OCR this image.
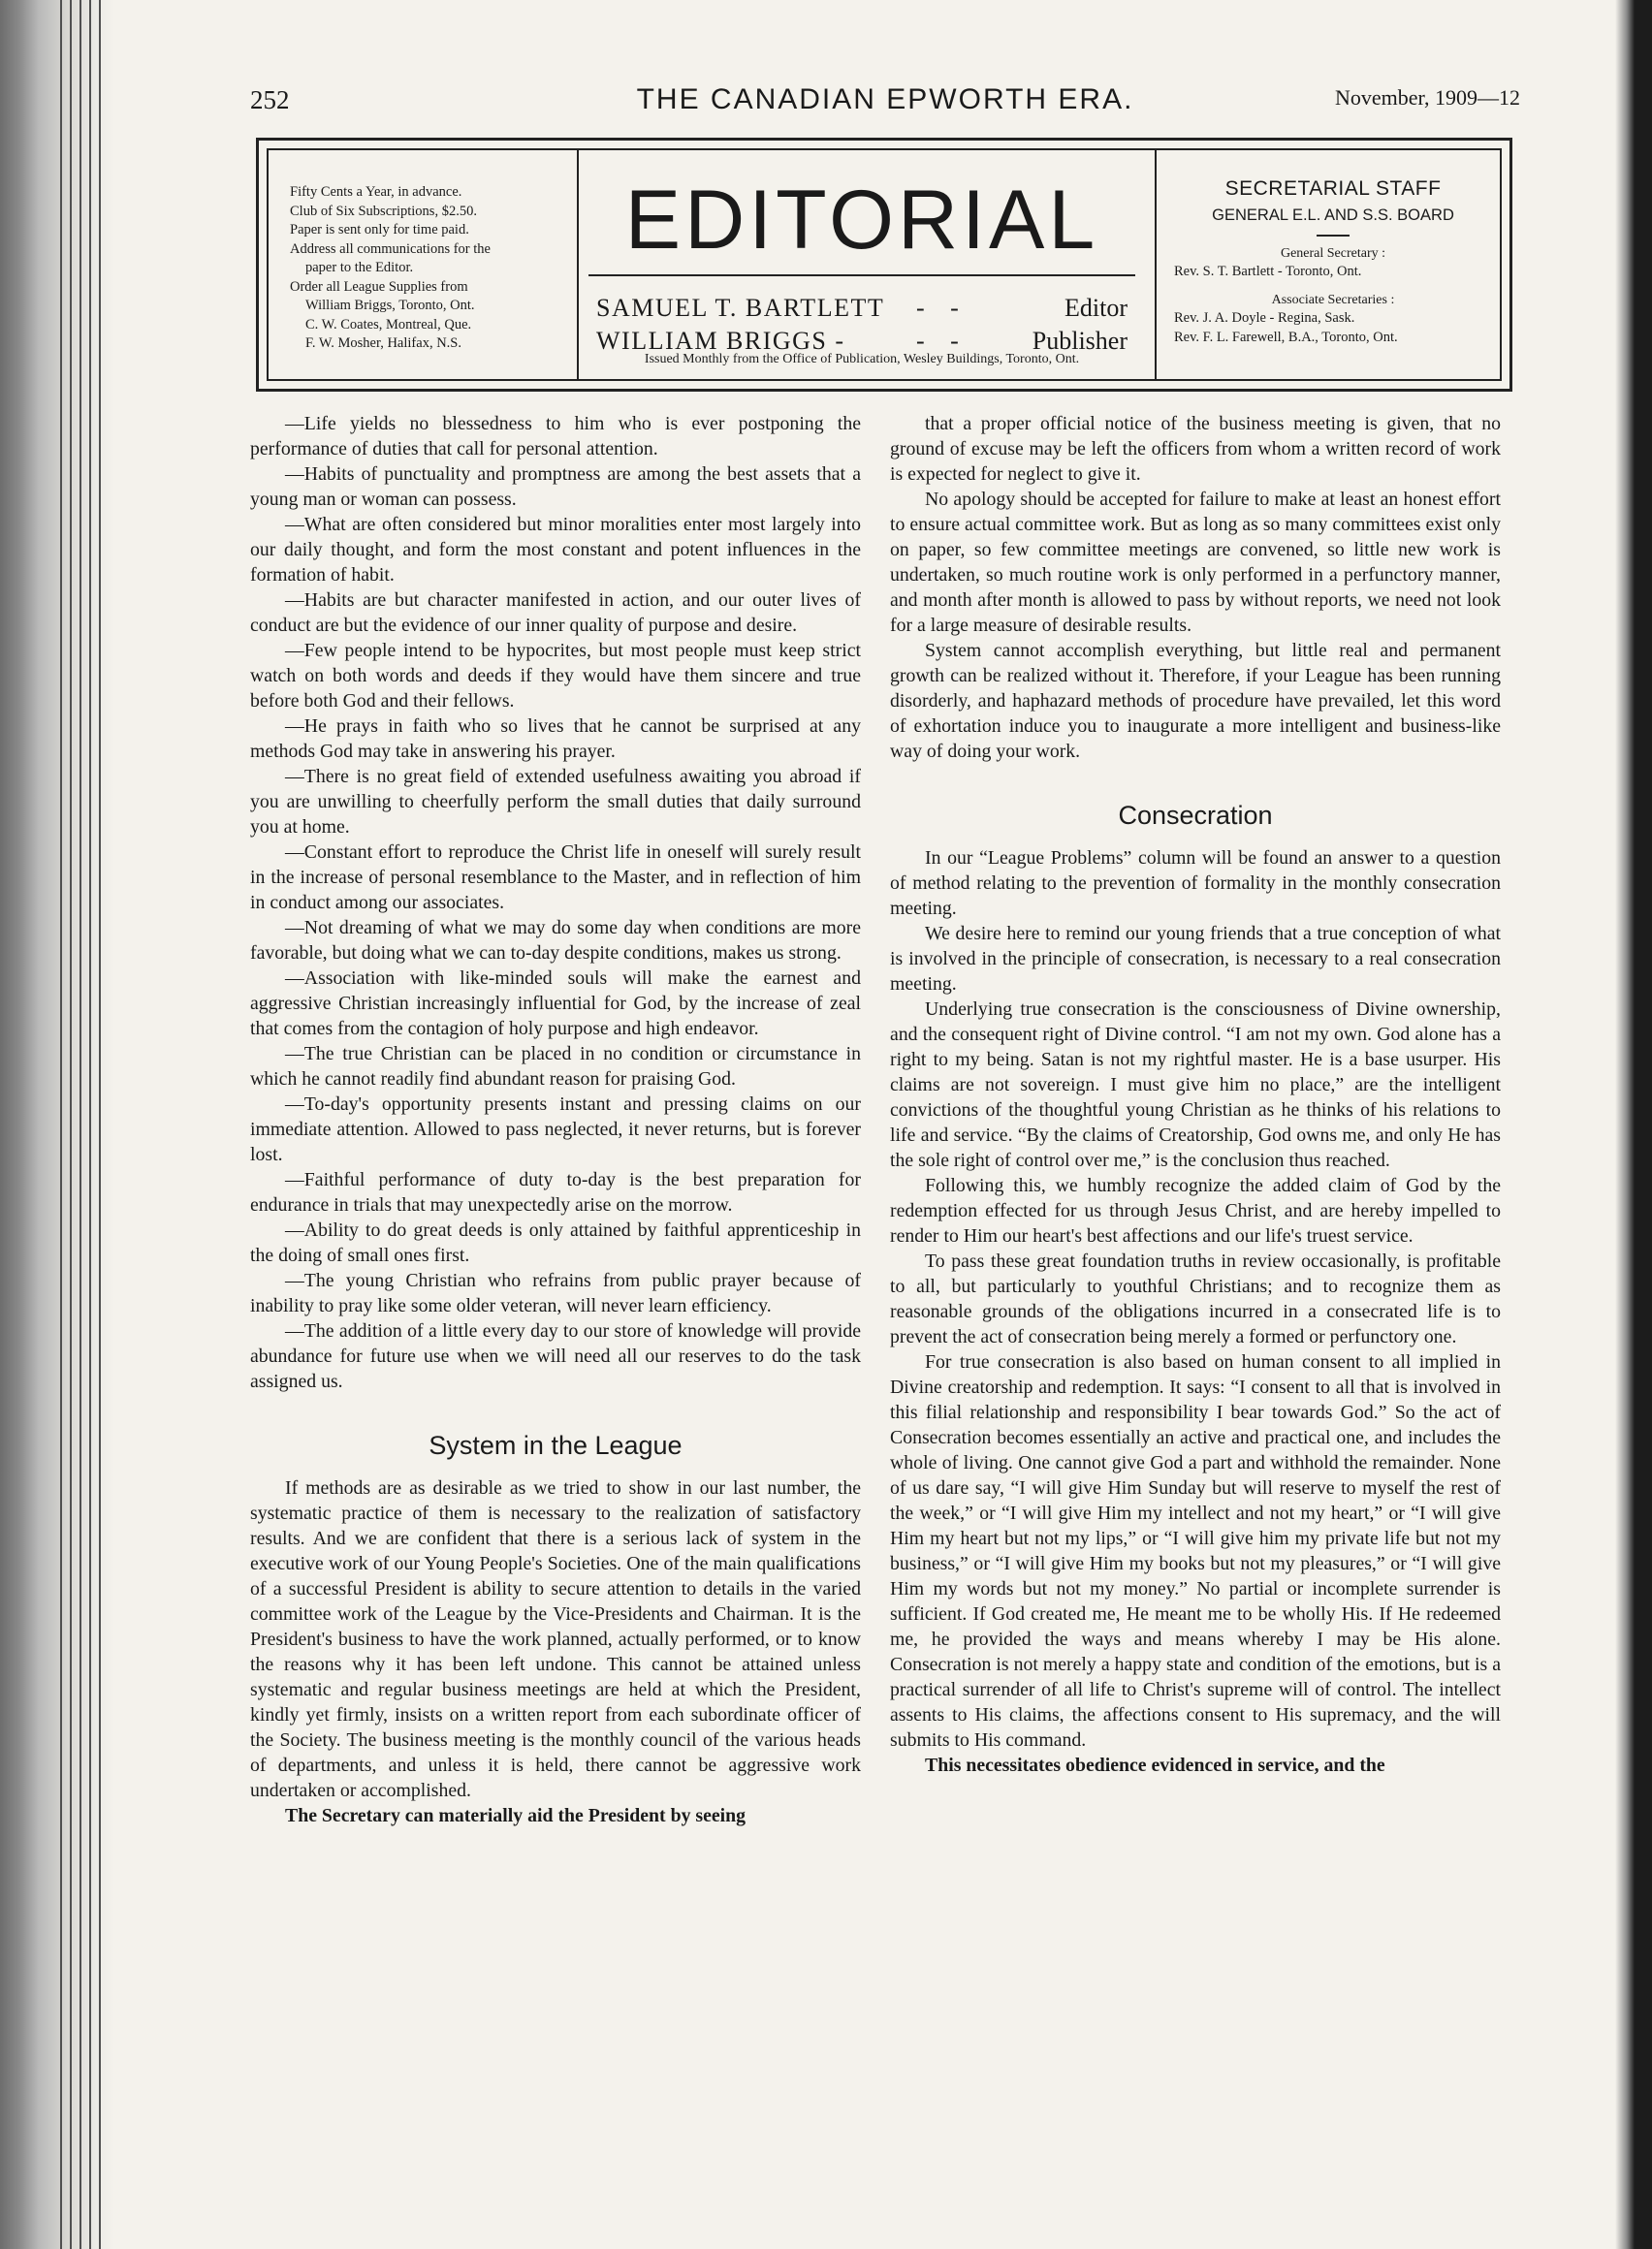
252	THE CANADIAN EPWORTH ERA.	November, 1909—12
Fifty Cents a Year, in advance.
Club of Six Subscriptions, $2.50.
Paper is sent only for time paid.
Address all communications for the
paper to the Editor.
Order all League Supplies from
William Briggs, Toronto, Ont.
C. W. Coates, Montreal, Que.
F. W. Mosher, Halifax, N.S.
EDITORIAL
SAMUEL T. BARTLETT - -	Editor
WILLIAM BRIGGS -	- -	Publisher
Issued Monthly from the Office of Publication, Wesley Buildings, Toronto, Ont.
SECRETARIAL STAFF
GENERAL E.L. AND S.S. BOARD
General Secretary :
Rev. S. T. Bartlett - Toronto, Ont.
Associate Secretaries :
Rev. J. A. Doyle - Regina, Sask.
Rev. F. L. Farewell, B.A., Toronto, Ont.

—Life yields no blessedness to him who is ever postponing the performance of duties that call for personal attention.

—Habits of punctuality and promptness are among the best assets that a young man or woman can possess.

—What are often considered but minor moralities enter most largely into our daily thought, and form the most constant and potent influences in the formation of habit.

—Habits are but character manifested in action, and our outer lives of conduct are but the evidence of our inner quality of purpose and desire.

—Few people intend to be hypocrites, but most people must keep strict watch on both words and deeds if they would have them sincere and true before both God and their fellows.

—He prays in faith who so lives that he cannot be surprised at any methods God may take in answering his prayer.

—There is no great field of extended usefulness awaiting you abroad if you are unwilling to cheerfully perform the small duties that daily surround you at home.

—Constant effort to reproduce the Christ life in oneself will surely result in the increase of personal resemblance to the Master, and in reflection of him in conduct among our associates.

—Not dreaming of what we may do some day when conditions are more favorable, but doing what we can to-day despite conditions, makes us strong.

—Association with like-minded souls will make the earnest and aggressive Christian increasingly influential for God, by the increase of zeal that comes from the contagion of holy purpose and high endeavor.

—The true Christian can be placed in no condition or circumstance in which he cannot readily find abundant reason for praising God.

—To-day's opportunity presents instant and pressing claims on our immediate attention. Allowed to pass neglected, it never returns, but is forever lost.

—Faithful performance of duty to-day is the best preparation for endurance in trials that may unexpectedly arise on the morrow.

—Ability to do great deeds is only attained by faithful apprenticeship in the doing of small ones first.

—The young Christian who refrains from public prayer because of inability to pray like some older veteran, will never learn efficiency.

—The addition of a little every day to our store of knowledge will provide abundance for future use when we will need all our reserves to do the task assigned us.

System in the League

If methods are as desirable as we tried to show in our last number, the systematic practice of them is necessary to the realization of satisfactory results. And we are confident that there is a serious lack of system in the executive work of our Young People's Societies. One of the main qualifications of a successful President is ability to secure attention to details in the varied committee work of the League by the Vice-Presidents and Chairman. It is the President's business to have the work planned, actually performed, or to know the reasons why it has been left undone. This cannot be attained unless systematic and regular business meetings are held at which the President, kindly yet firmly, insists on a written report from each subordinate officer of the Society. The business meeting is the monthly council of the various heads of departments, and unless it is held, there cannot be aggressive work undertaken or accomplished.

The Secretary can materially aid the President by seeing

that a proper official notice of the business meeting is given, that no ground of excuse may be left the officers from whom a written record of work is expected for neglect to give it.

No apology should be accepted for failure to make at least an honest effort to ensure actual committee work. But as long as so many committees exist only on paper, so few committee meetings are convened, so little new work is undertaken, so much routine work is only performed in a perfunctory manner, and month after month is allowed to pass by without reports, we need not look for a large measure of desirable results.

System cannot accomplish everything, but little real and permanent growth can be realized without it. Therefore, if your League has been running disorderly, and haphazard methods of procedure have prevailed, let this word of exhortation induce you to inaugurate a more intelligent and business-like way of doing your work.

Consecration

In our “League Problems” column will be found an answer to a question of method relating to the prevention of formality in the monthly consecration meeting.

We desire here to remind our young friends that a true conception of what is involved in the principle of consecration, is necessary to a real consecration meeting.

Underlying true consecration is the consciousness of Divine ownership, and the consequent right of Divine control. “I am not my own. God alone has a right to my being. Satan is not my rightful master. He is a base usurper. His claims are not sovereign. I must give him no place,” are the intelligent convictions of the thoughtful young Christian as he thinks of his relations to life and service. “By the claims of Creatorship, God owns me, and only He has the sole right of control over me,” is the conclusion thus reached.

Following this, we humbly recognize the added claim of God by the redemption effected for us through Jesus Christ, and are hereby impelled to render to Him our heart's best affections and our life's truest service.

To pass these great foundation truths in review occasionally, is profitable to all, but particularly to youthful Christians; and to recognize them as reasonable grounds of the obligations incurred in a consecrated life is to prevent the act of consecration being merely a formed or perfunctory one.

For true consecration is also based on human consent to all implied in Divine creatorship and redemption. It says: “I consent to all that is involved in this filial relationship and responsibility I bear towards God.” So the act of Consecration becomes essentially an active and practical one, and includes the whole of living. One cannot give God a part and withhold the remainder. None of us dare say, “I will give Him Sunday but will reserve to myself the rest of the week,” or “I will give Him my intellect and not my heart,” or “I will give Him my heart but not my lips,” or “I will give him my private life but not my business,” or “I will give Him my books but not my pleasures,” or “I will give Him my words but not my money.” No partial or incomplete surrender is sufficient. If God created me, He meant me to be wholly His. If He redeemed me, he provided the ways and means whereby I may be His alone. Consecration is not merely a happy state and condition of the emotions, but is a practical surrender of all life to Christ's supreme will of control. The intellect assents to His claims, the affections consent to His supremacy, and the will submits to His command.

This necessitates obedience evidenced in service, and the
